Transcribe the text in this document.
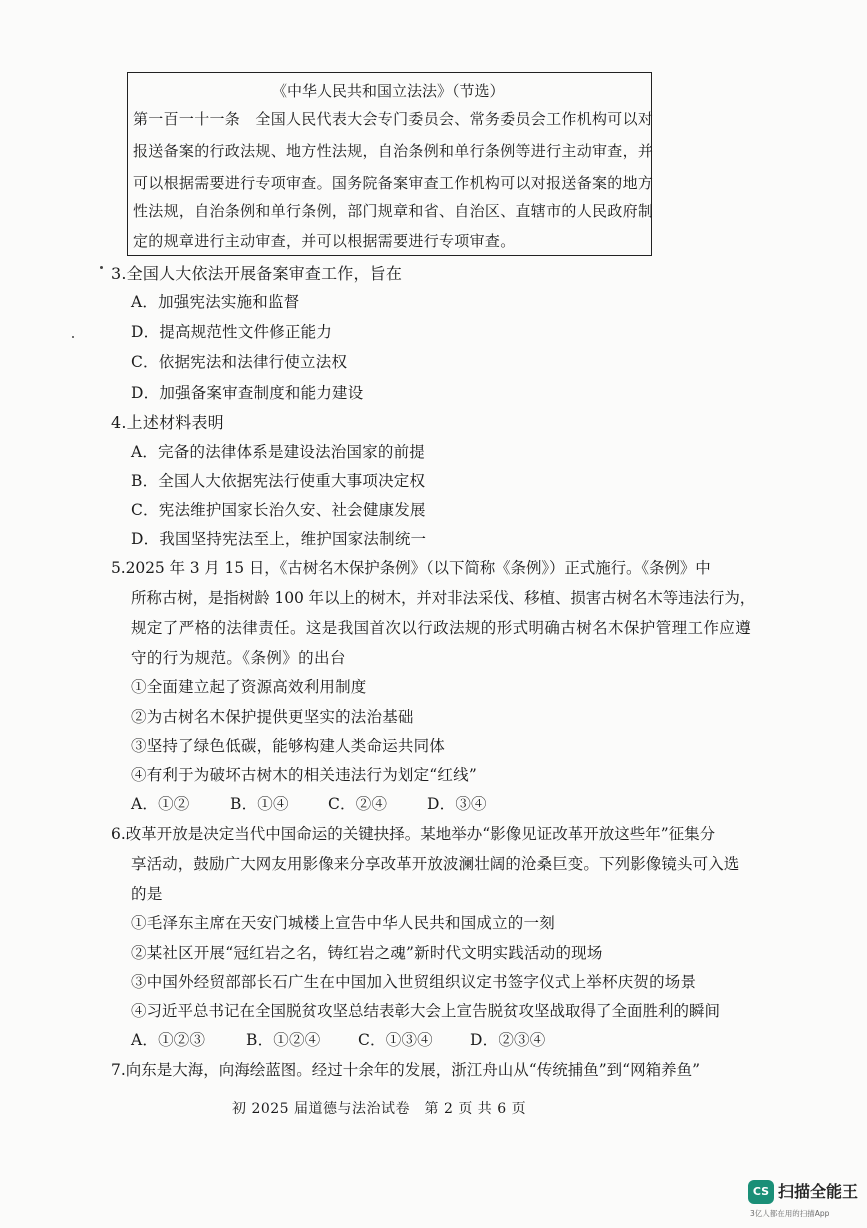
《中华人民共和国立法法》（节选）
第一百一十一条　全国人民代表大会专门委员会、常务委员会工作机构可以对
报送备案的行政法规、地方性法规，自治条例和单行条例等进行主动审查，并
可以根据需要进行专项审查。国务院备案审查工作机构可以对报送备案的地方
性法规，自治条例和单行条例，部门规章和省、自治区、直辖市的人民政府制
定的规章进行主动审查，并可以根据需要进行专项审查。
3.全国人大依法开展备案审查工作，旨在
A．加强宪法实施和监督
D．提高规范性文件修正能力
C．依据宪法和法律行使立法权
D．加强备案审查制度和能力建设
4.上述材料表明
A．完备的法律体系是建设法治国家的前提
B．全国人大依据宪法行使重大事项决定权
C．宪法维护国家长治久安、社会健康发展
D．我国坚持宪法至上，维护国家法制统一
5.2025 年 3 月 15 日，《古树名木保护条例》（以下简称《条例》）正式施行。《条例》中
所称古树，是指树龄 100 年以上的树木，并对非法采伐、移植、损害古树名木等违法行为，
规定了严格的法律责任。这是我国首次以行政法规的形式明确古树名木保护管理工作应遵
守的行为规范。《条例》的出台
①全面建立起了资源高效利用制度
②为古树名木保护提供更坚实的法治基础
③坚持了绿色低碳，能够构建人类命运共同体
④有利于为破坏古树木的相关违法行为划定“红线”
A．①②	B．①④	C．②④	D．③④
6.改革开放是决定当代中国命运的关键抉择。某地举办“影像见证改革开放这些年”征集分
享活动，鼓励广大网友用影像来分享改革开放波澜壮阔的沧桑巨变。下列影像镜头可入选
的是
①毛泽东主席在天安门城楼上宣告中华人民共和国成立的一刻
②某社区开展“冠红岩之名，铸红岩之魂”新时代文明实践活动的现场
③中国外经贸部部长石广生在中国加入世贸组织议定书签字仪式上举杯庆贺的场景
④习近平总书记在全国脱贫攻坚总结表彰大会上宣告脱贫攻坚战取得了全面胜利的瞬间
A．①②③	B．①②④ C．①③④ D．②③④
7.向东是大海，向海绘蓝图。经过十余年的发展，浙江舟山从“传统捕鱼”到“网箱养鱼”
初 2025 届道德与法治试卷　第 2 页 共 6 页
CS 扫描全能王
3亿人都在用的扫描App
